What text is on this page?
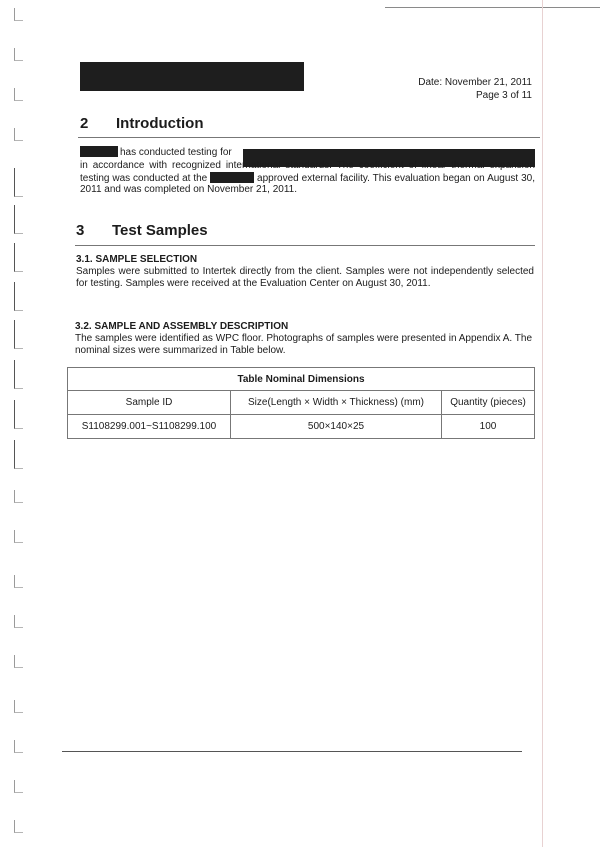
Date: November 21, 2011
Page 3 of 11
2 Introduction
has conducted testing for
in accordance with recognized international standards. The coefficient of linear thermal expansion testing was conducted at the	approved external facility. This evaluation began on August 30, 2011 and was completed on November 21, 2011.
3 Test Samples
3.1. SAMPLE SELECTION
Samples were submitted to Intertek directly from the client. Samples were not independently selected for testing. Samples were received at the Evaluation Center on August 30, 2011.
3.2. SAMPLE AND ASSEMBLY DESCRIPTION
The samples were identified as WPC floor. Photographs of samples were presented in Appendix A. The nominal sizes were summarized in Table below.
Table Nominal Dimensions		
Sample ID	Size(Length × Width × Thickness) (mm)	Quantity (pieces)
S1108299.001~S1108299.100	500×140×25	100
